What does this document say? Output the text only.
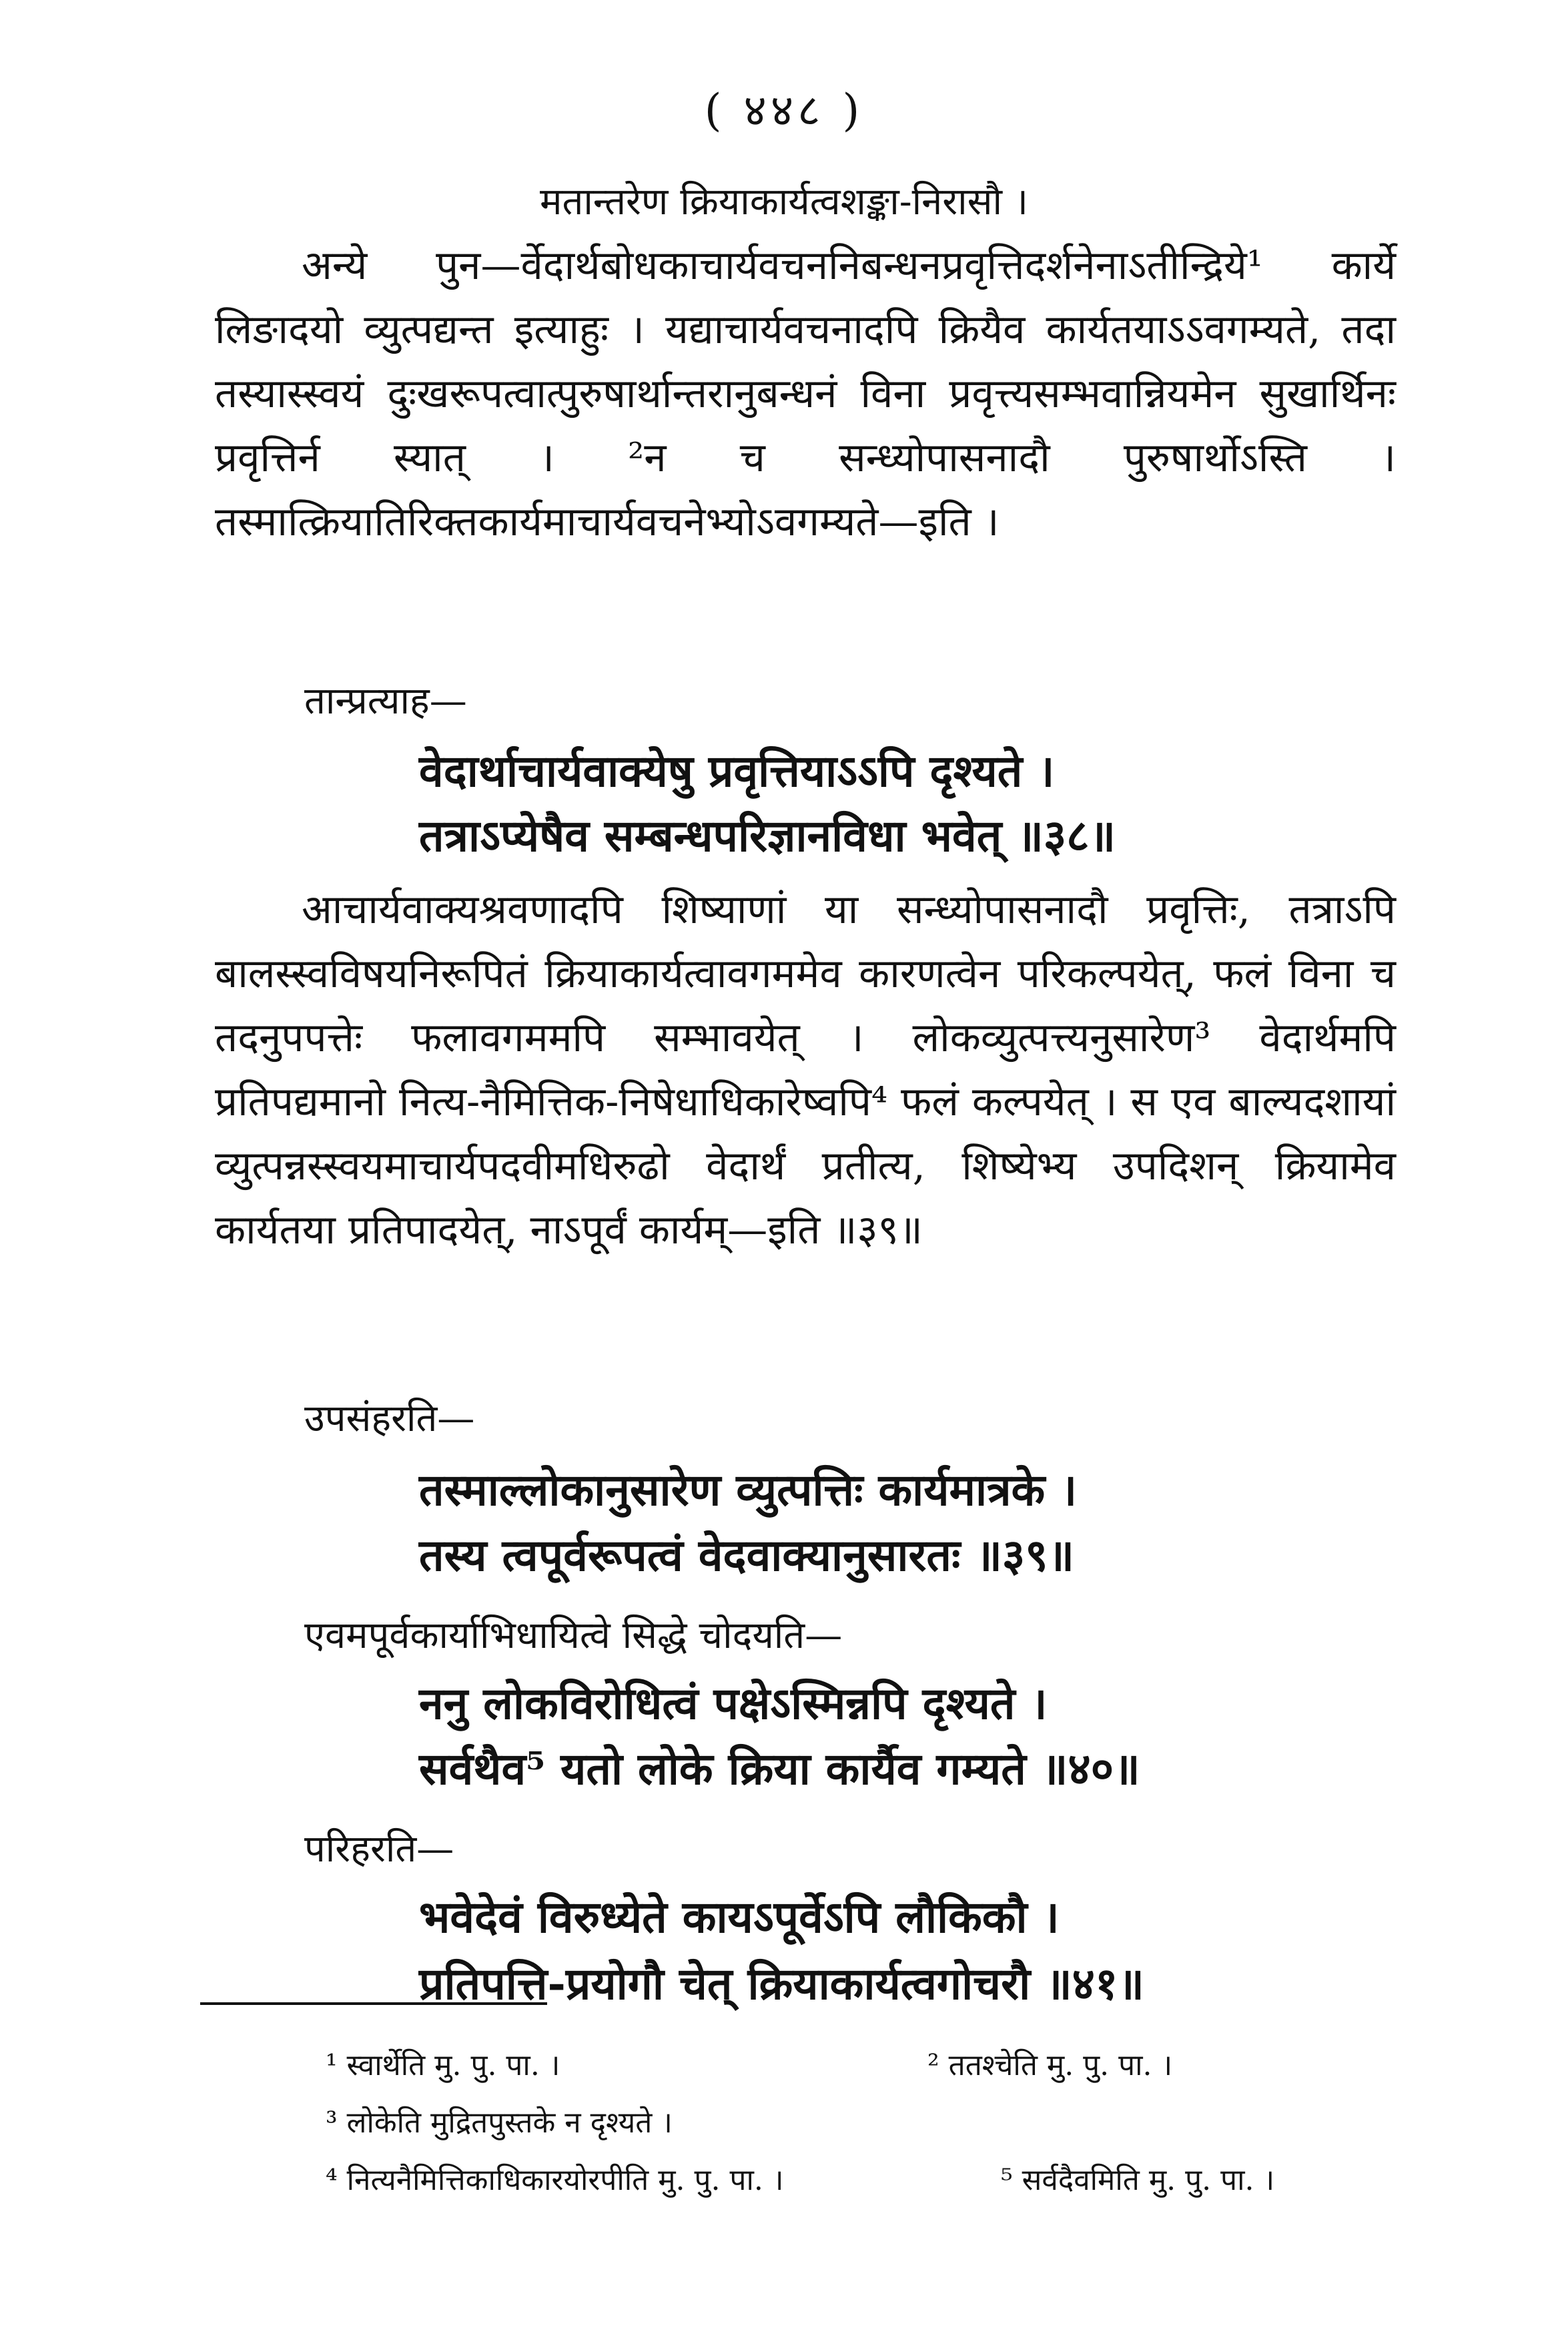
( ४४८ )
मतान्तरेण क्रियाकार्यत्वशङ्का-निरासौ ।
अन्ये पुन—र्वेदार्थबोधकाचार्यवचननिबन्धनप्रवृत्तिदर्शनेनाऽतीन्द्रिये¹ कार्ये लिङादयो व्युत्पद्यन्त इत्याहुः । यद्याचार्यवचनादपि क्रियैव कार्यतयाऽऽवगम्यते, तदा तस्यास्स्वयं दुःखरूपत्वात्पुरुषार्थान्तरानुबन्धनं विना प्रवृत्त्यसम्भवान्नियमेन सुखार्थिनः प्रवृत्तिर्न स्यात् । ²न च सन्ध्योपासनादौ पुरुषार्थोऽस्ति । तस्मात्क्रियातिरिक्तकार्यमाचार्यवचनेभ्योऽवगम्यते—इति ।
तान्प्रत्याह—
वेदार्थाचार्यवाक्येषु प्रवृत्तियाऽऽपि दृश्यते ।
तत्राऽप्येषैव सम्बन्धपरिज्ञानविधा भवेत् ॥३८॥
आचार्यवाक्यश्रवणादपि शिष्याणां या सन्ध्योपासनादौ प्रवृत्तिः, तत्राऽपि बालस्स्वविषयनिरूपितं क्रियाकार्यत्वावगममेव कारणत्वेन परिकल्पयेत्, फलं विना च तदनुपपत्तेः फलावगममपि सम्भावयेत् । लोकव्युत्पत्त्यनुसारेण³ वेदार्थमपि प्रतिपद्यमानो नित्य-नैमित्तिक-निषेधाधिकारेष्वपि⁴ फलं कल्पयेत् । स एव बाल्यदशायां व्युत्पन्नस्स्वयमाचार्यपदवीमधिरुढो वेदार्थं प्रतीत्य, शिष्येभ्य उपदिशन् क्रियामेव कार्यतया प्रतिपादयेत्, नाऽपूर्वं कार्यम्—इति ॥३९॥
उपसंहरति—
तस्माल्लोकानुसारेण व्युत्पत्तिः कार्यमात्रके ।
तस्य त्वपूर्वरूपत्वं वेदवाक्यानुसारतः ॥३९॥
एवमपूर्वकार्याभिधायित्वे सिद्धे चोदयति—
ननु लोकविरोधित्वं पक्षेऽस्मिन्नपि दृश्यते ।
सर्वथैव⁵ यतो लोके क्रिया कार्यैव गम्यते ॥४०॥
परिहरति—
भवेदेवं विरुध्येते कायऽपूर्वेऽपि लौकिकौ ।
प्रतिपत्ति-प्रयोगौ चेत् क्रियाकार्यत्वगोचरौ ॥४१॥
¹ स्वार्थेति मु. पु. पा. ।	² ततश्चेति मु. पु. पा. ।
³ लोकेति मुद्रितपुस्तके न दृश्यते ।
⁴ नित्यनैमित्तिकाधिकारयोरपीति मु. पु. पा. ।	⁵ सर्वदैवमिति मु. पु. पा. ।
